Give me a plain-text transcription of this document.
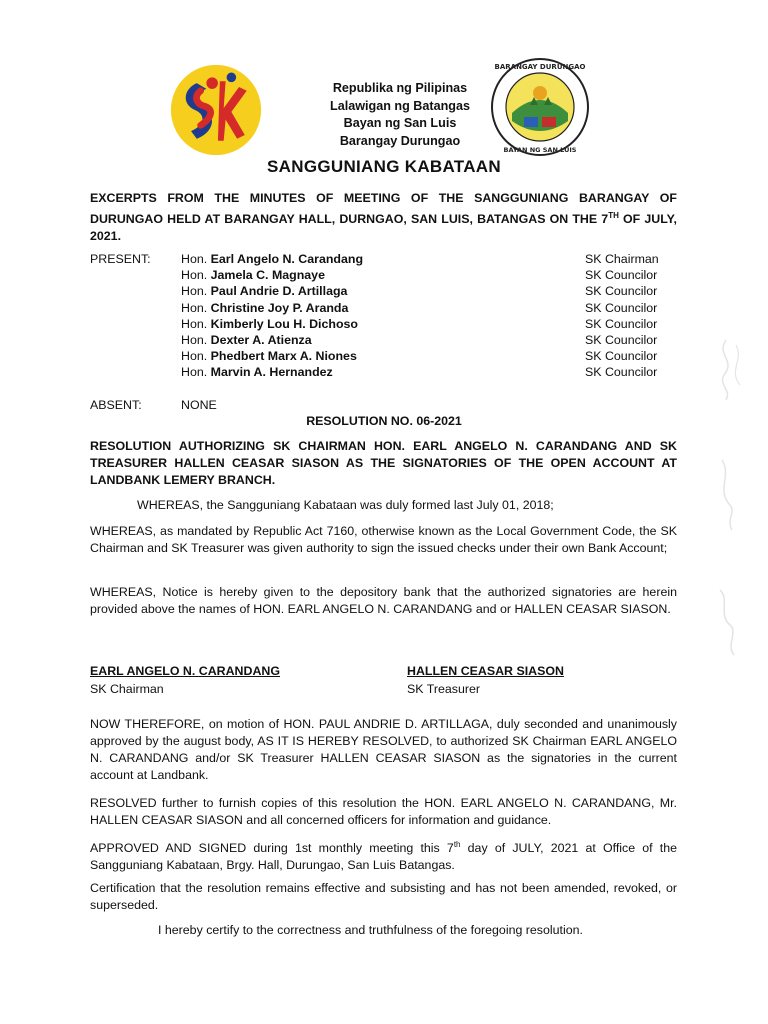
BARANGAY DURUNGAO
BAYAN NG SAN LUIS
Republika ng Pilipinas
Lalawigan ng Batangas
Bayan ng San Luis
Barangay Durungao
SANGGUNIANG KABATAAN
EXCERPTS FROM THE MINUTES OF MEETING OF THE SANGGUNIANG BARANGAY OF DURUNGAO HELD AT BARANGAY HALL, DURNGAO, SAN LUIS, BATANGAS ON THE 7TH OF JULY, 2021.
PRESENT: Hon. Earl Angelo N. Carandang	SK Chairman
Hon. Jamela C. Magnaye	SK Councilor
Hon. Paul Andrie D. Artillaga	SK Councilor
Hon. Christine Joy P. Aranda	SK Councilor
Hon. Kimberly Lou H. Dichoso	SK Councilor
Hon. Dexter A. Atienza	SK Councilor
Hon. Phedbert Marx A. Niones	SK Councilor
Hon. Marvin A. Hernandez	SK Councilor
ABSENT:	NONE
RESOLUTION NO. 06-2021
RESOLUTION AUTHORIZING SK CHAIRMAN HON. EARL ANGELO N. CARANDANG AND SK TREASURER HALLEN CEASAR SIASON AS THE SIGNATORIES OF THE OPEN ACCOUNT AT LANDBANK LEMERY BRANCH.
WHEREAS, the Sangguniang Kabataan was duly formed last July 01, 2018;
WHEREAS, as mandated by Republic Act 7160, otherwise known as the Local Government Code, the SK Chairman and SK Treasurer was given authority to sign the issued checks under their own Bank Account;
WHEREAS, Notice is hereby given to the depository bank that the authorized signatories are herein provided above the names of HON. EARL ANGELO N. CARANDANG and or HALLEN CEASAR SIASON.
EARL ANGELO N. CARANDANG
SK Chairman
HALLEN CEASAR SIASON
SK Treasurer
NOW THEREFORE, on motion of HON. PAUL ANDRIE D. ARTILLAGA, duly seconded and unanimously approved by the august body, AS IT IS HEREBY RESOLVED, to authorized SK Chairman EARL ANGELO N. CARANDANG and/or SK Treasurer HALLEN CEASAR SIASON as the signatories in the current account at Landbank.
RESOLVED further to furnish copies of this resolution the HON. EARL ANGELO N. CARANDANG, Mr. HALLEN CEASAR SIASON and all concerned officers for information and guidance.
APPROVED AND SIGNED during 1st monthly meeting this 7th day of JULY, 2021 at Office of the Sangguniang Kabataan, Brgy. Hall, Durungao, San Luis Batangas.
Certification that the resolution remains effective and subsisting and has not been amended, revoked, or superseded.
I hereby certify to the correctness and truthfulness of the foregoing resolution.
